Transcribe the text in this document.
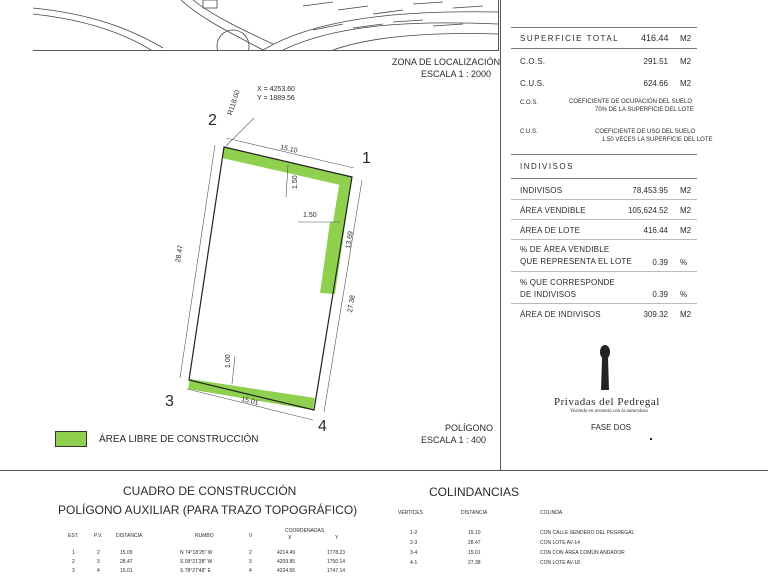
ZONA DE LOCALIZACIÓN
ESCALA 1 : 2000
SUPERFICIE TOTAL 416.44 M2
C.O.S.	291.51 M2
C.U.S.	624.66 M2
C.O.S.	COEFICIENTE DE OCUPACIÓN DEL SUELO
70% DE LA SUPERFICIE DEL LOTE
C.U.S.	COEFICIENTE DE USO DEL SUELO
1.50 VECES LA SUPERFICIE DEL LOTE
INDIVISOS
INDIVISOS	78,453.95 M2
ÁREA VENDIBLE	105,624.52 M2
ÁREA DE LOTE	416.44 M2
% DE ÁREA VENDIBLE
QUE REPRESENTA EL LOTE	0.39 %
% QUE CORRESPONDE
DE INDIVISOS	0.39 %
ÁREA DE INDIVISOS	309.32 M2
Privadas del Pedregal
Viviendo en armonía con la naturaleza
FASE DOS
X = 4253.60
Y = 1889.56
R118.00
2
1
3
4
15.10
28.47
27.38
15.01
1.50
1.50
1.00
13.69
POLÍGONO
ESCALA 1 : 400
ÁREA LIBRE DE CONSTRUCCIÓN
CUADRO DE CONSTRUCCIÓN
POLÍGONO AUXILIAR (PARA TRAZO TOPOGRÁFICO)
EST.	P.V.	DISTANCIA	RUMBO	V
COORDENADAS
X	Y
1	2	15.09	N 74°18'25" W	2	4214.49	1778.23
2	3	28.47	S 09°21'38" W	3	4209.85	1750.14
3	4	15.01	S 78°27'48" E	4	4224.56	1747.14
COLINDANCIAS
VÉRTICES	DISTANCIA	COLINDA
1-2	15.10	CON CALLE SENDERO DEL PEGREGAL
2-3	28.47	CON LOTE AV-14
3-4	15.01	CON CON ÁREA COMÚN ANDADOR
4-1	27.38	CON LOTE AV-18
